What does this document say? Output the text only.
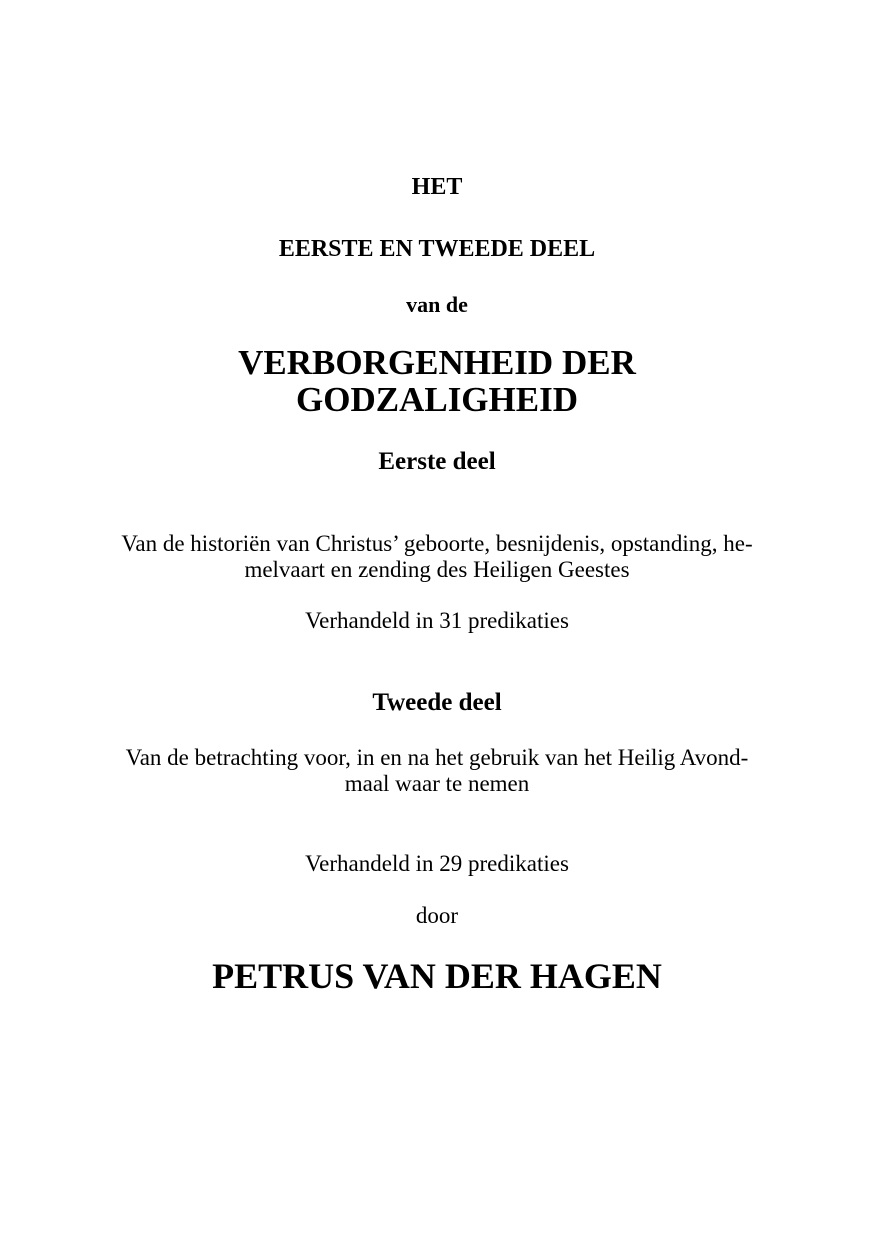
HET
EERSTE EN TWEEDE DEEL
van de
VERBORGENHEID DER
GODZALIGHEID
Eerste deel
Van de historiën van Christus’ geboorte, besnijdenis, opstanding, he-
melvaart en zending des Heiligen Geestes
Verhandeld in 31 predikaties
Tweede deel
Van de betrachting voor, in en na het gebruik van het Heilig Avond-
maal waar te nemen
Verhandeld in 29 predikaties
door
PETRUS VAN DER HAGEN
